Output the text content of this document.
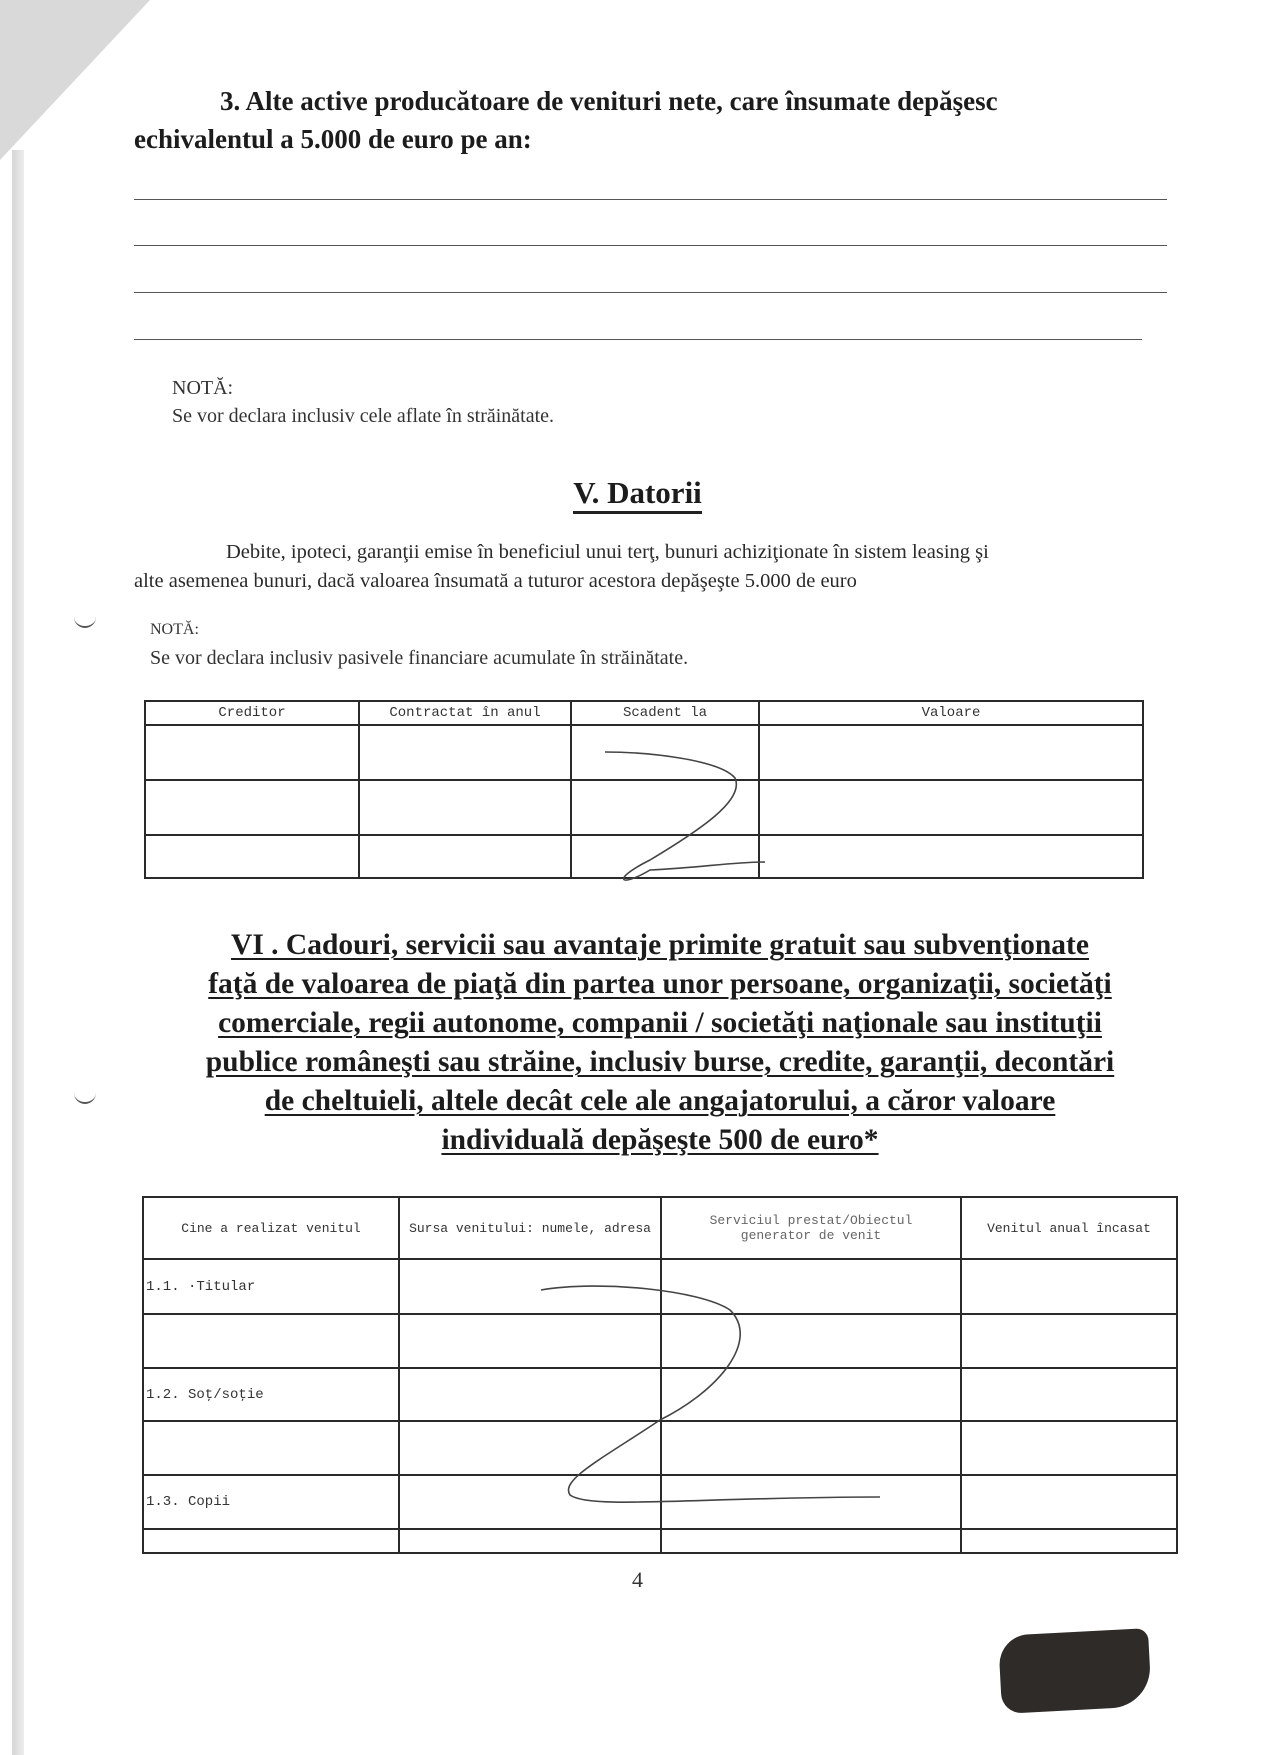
3. Alte active producătoare de venituri nete, care însumate depăşesc
echivalentul a 5.000 de euro pe an:
NOTĂ:
Se vor declara inclusiv cele aflate în străinătate.
V. Datorii
Debite, ipoteci, garanţii emise în beneficiul unui terţ, bunuri achiziţionate în sistem leasing şi
alte asemenea bunuri, dacă valoarea însumată a tuturor acestora depăşeşte 5.000 de euro
NOTĂ:
Se vor declara inclusiv pasivele financiare acumulate în străinătate.
Creditor	Contractat în anul	Scadent la	Valoare

VI . Cadouri, servicii sau avantaje primite gratuit sau subvenţionate
faţă de valoarea de piaţă din partea unor persoane, organizaţii, societăţi
comerciale, regii autonome, companii / societăţi naţionale sau instituţii
publice româneşti sau străine, inclusiv burse, credite, garanţii, decontări
de cheltuieli, altele decât cele ale angajatorului, a căror valoare
individuală depăşeşte 500 de euro*
Cine a realizat venitul	Sursa venitului: numele, adresa	Serviciul prestat/Obiectul generator de venit	Venitul anual încasat
1.1. ·Titular			

1.2. Soţ/soţie			

1.3. Copii			

4
